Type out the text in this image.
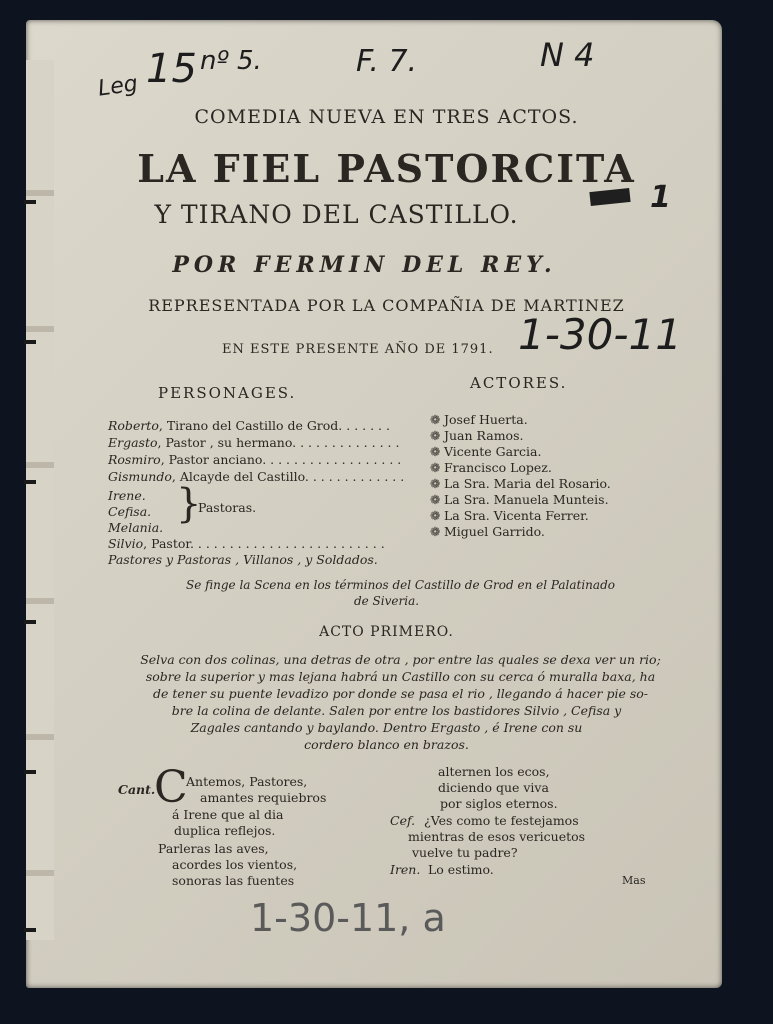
Leg 15 nº 5.	F. 7.	N 4
1
1-30-11
1-30-11, a
COMEDIA NUEVA EN TRES ACTOS.
LA FIEL PASTORCITA
Y TIRANO DEL CASTILLO.
POR FERMIN DEL REY.
REPRESENTADA POR LA COMPAÑIA DE MARTINEZ
EN ESTE PRESENTE AÑO DE 1791.
PERSONAGES.
ACTORES.
Roberto, Tirano del Castillo de Grod. . . . . . .
Ergasto, Pastor , su hermano. . . . . . . . . . . . . .
Rosmiro, Pastor anciano. . . . . . . . . . . . . . . . . .
Gismundo, Alcayde del Castillo. . . . . . . . . . . . .
Irene.
Cefisa.
Melania.
}
Pastoras.
Silvio, Pastor. . . . . . . . . . . . . . . . . . . . . . . . .
Pastores y Pastoras , Villanos , y Soldados.
❁ Josef Huerta.
❁ Juan Ramos.
❁ Vicente Garcia.
❁ Francisco Lopez.
❁ La Sra. Maria del Rosario.
❁ La Sra. Manuela Munteis.
❁ La Sra. Vicenta Ferrer.
❁ Miguel Garrido.
Se finge la Scena en los términos del Castillo de Grod en el Palatinado
de Siveria.
ACTO PRIMERO.
Selva con dos colinas, una detras de otra , por entre las quales se dexa ver un rio;
sobre la superior y mas lejana habrá un Castillo con su cerca ó muralla baxa, ha
de tener su puente levadizo por donde se pasa el rio , llegando á hacer pie so-
bre la colina de delante. Salen por entre los bastidores Silvio , Cefisa y
Zagales cantando y baylando. Dentro Ergasto , é Irene con su
cordero blanco en brazos.
Cant.
C
Antemos, Pastores,
amantes requiebros
á Irene que al dia
duplica reflejos.
Parleras las aves,
acordes los vientos,
sonoras las fuentes
alternen los ecos,
diciendo que viva
por siglos eternos.
Cef. ¿Ves como te festejamos
mientras de esos vericuetos
vuelve tu padre?
Iren. Lo estimo.
Mas
